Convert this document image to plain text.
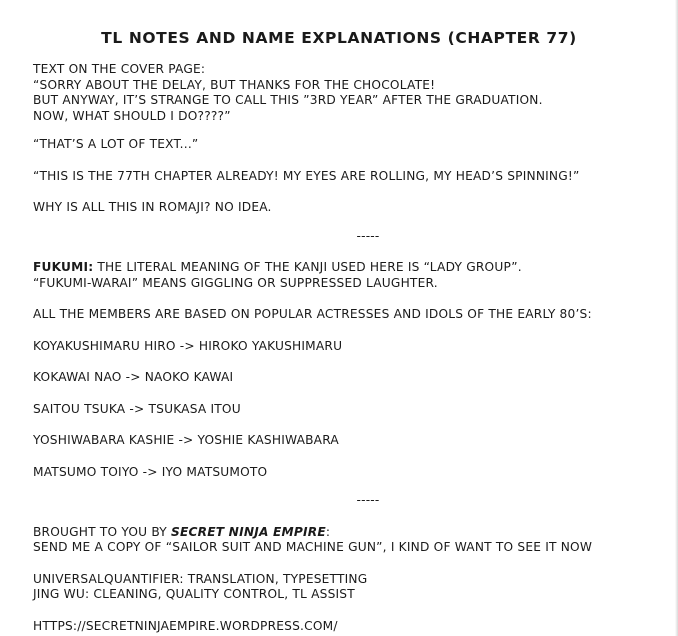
TL NOTES AND NAME EXPLANATIONS (CHAPTER 77)
TEXT ON THE COVER PAGE:
“SORRY ABOUT THE DELAY, BUT THANKS FOR THE CHOCOLATE!
BUT ANYWAY, IT’S STRANGE TO CALL THIS ”3RD YEAR” AFTER THE GRADUATION.
NOW, WHAT SHOULD I DO????”
“THAT’S A LOT OF TEXT...”
“THIS IS THE 77TH CHAPTER ALREADY! MY EYES ARE ROLLING, MY HEAD’S SPINNING!”
WHY IS ALL THIS IN ROMAJI? NO IDEA.
-----
FUKUMI: THE LITERAL MEANING OF THE KANJI USED HERE IS “LADY GROUP”.
“FUKUMI-WARAI” MEANS GIGGLING OR SUPPRESSED LAUGHTER.
ALL THE MEMBERS ARE BASED ON POPULAR ACTRESSES AND IDOLS OF THE EARLY 80’S:
KOYAKUSHIMARU HIRO -> HIROKO YAKUSHIMARU
KOKAWAI NAO -> NAOKO KAWAI
SAITOU TSUKA -> TSUKASA ITOU
YOSHIWABARA KASHIE -> YOSHIE KASHIWABARA
MATSUMO TOIYO -> IYO MATSUMOTO
-----
BROUGHT TO YOU BY SECRET NINJA EMPIRE:
SEND ME A COPY OF “SAILOR SUIT AND MACHINE GUN”, I KIND OF WANT TO SEE IT NOW
UNIVERSALQUANTIFIER: TRANSLATION, TYPESETTING
JING WU: CLEANING, QUALITY CONTROL, TL ASSIST
HTTPS://SECRETNINJAEMPIRE.WORDPRESS.COM/
